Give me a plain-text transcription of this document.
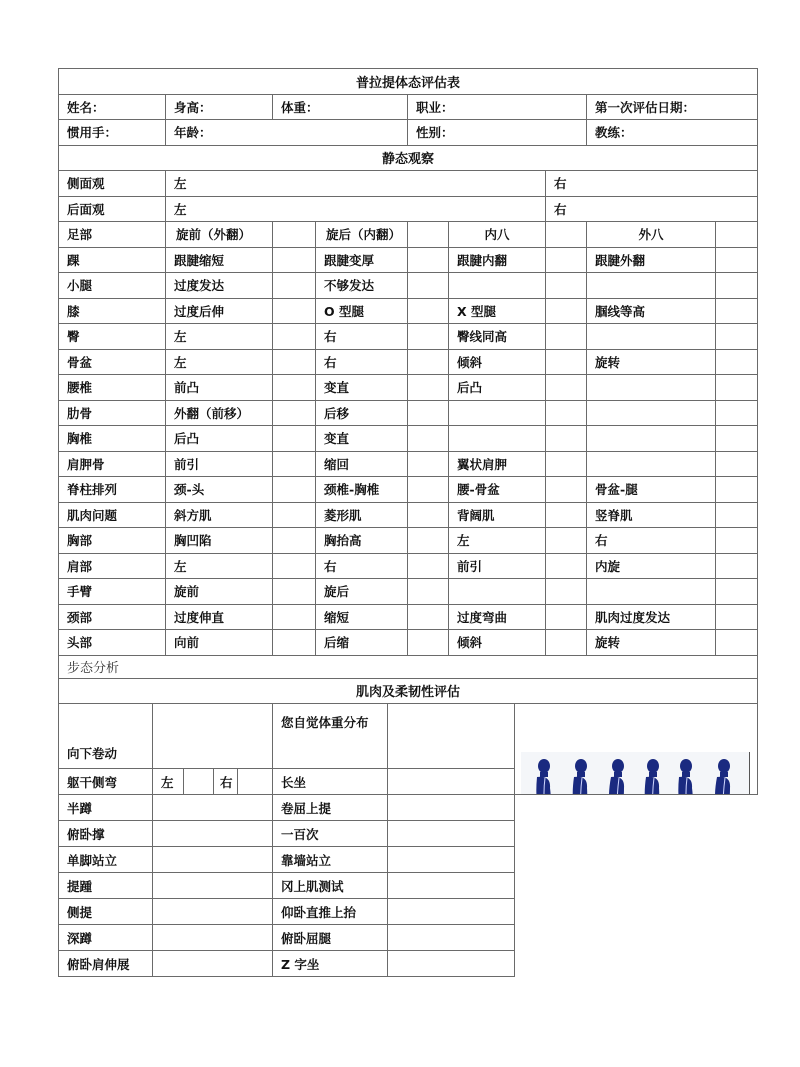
普拉提体态评估表								
姓名：	身高：	体重：		职业：			第一次评估日期：	
惯用手：	年龄：			性别：			教练：	
静态观察								
侧面观	左					右		
后面观	左					右		
足部	旋前（外翻）		旋后（内翻）		内八		外八	
踝	跟腱缩短		跟腱变厚		跟腱内翻		跟腱外翻	
小腿	过度发达		不够发达					
膝	过度后伸		O 型腿		X 型腿		腘线等高	
臀	左		右		臀线同高			
骨盆	左		右		倾斜		旋转	
腰椎	前凸		变直		后凸			
肋骨	外翻（前移）		后移					
胸椎	后凸		变直					
肩胛骨	前引		缩回		翼状肩胛			
脊柱排列	颈-头		颈椎-胸椎		腰-骨盆		骨盆-腿	
肌肉问题	斜方肌		菱形肌		背阔肌		竖脊肌	
胸部	胸凹陷		胸抬高		左		右	
肩部	左		右		前引		内旋	
手臂	旋前		旋后					
颈部	过度伸直		缩短		过度弯曲		肌肉过度发达	
头部	向前		后缩		倾斜		旋转	
步态分析								
肌肉及柔韧性评估								
向下卷动					您自觉体重分布		

躯干侧弯	左		右		长坐		
半蹲					卷屈上提		
俯卧撑					一百次		
单脚站立					靠墙站立		
提踵					冈上肌测试		
侧提					仰卧直推上抬		
深蹲					俯卧屈腿		
俯卧肩伸展					Z 字坐		
